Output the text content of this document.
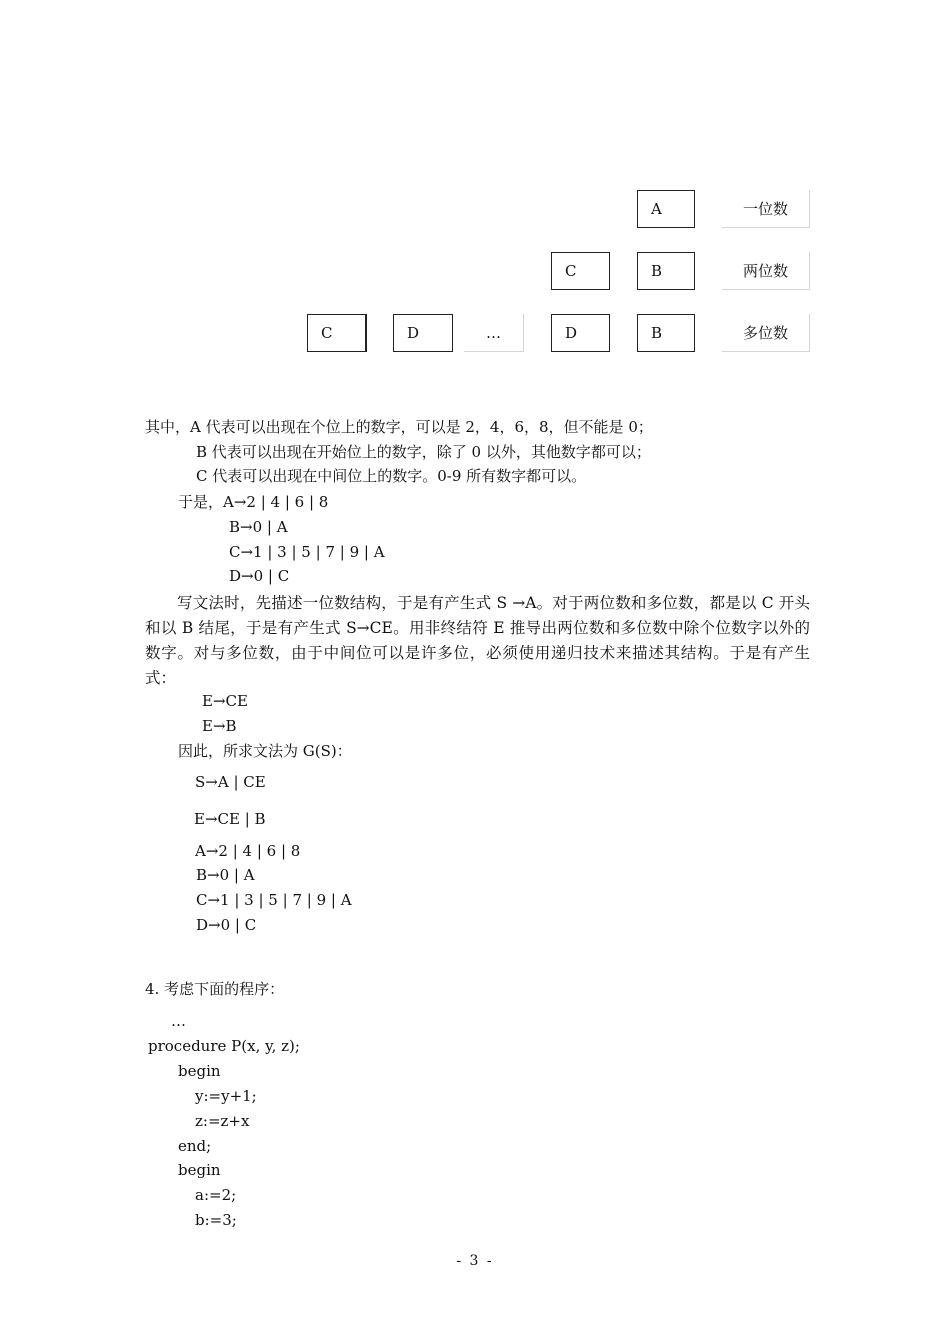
A	一位数
C	B	两位数
C	D	…	D	B	多位数
其中，A 代表可以出现在个位上的数字，可以是 2，4，6，8，但不能是 0；
B 代表可以出现在开始位上的数字，除了 0 以外，其他数字都可以；
C 代表可以出现在中间位上的数字。0-9 所有数字都可以。
于是，A→2 | 4 | 6 | 8
B→0 | A
C→1 | 3 | 5 | 7 | 9 | A
D→0 | C
写文法时，先描述一位数结构，于是有产生式 S →A。对于两位数和多位数，都是以 C 开头和以 B 结尾，于是有产生式 S→CE。用非终结符 E 推导出两位数和多位数中除个位数字以外的数字。对与多位数，由于中间位可以是许多位，必须使用递归技术来描述其结构。于是有产生式：
E→CE
E→B
因此，所求文法为 G(S)：
S→A | CE
E→CE | B
A→2 | 4 | 6 | 8
B→0 | A
C→1 | 3 | 5 | 7 | 9 | A
D→0 | C
4. 考虑下面的程序：
…
procedure P(x, y, z);
begin
y:=y+1;
z:=z+x
end;
begin
a:=2;
b:=3;
- 3 -
